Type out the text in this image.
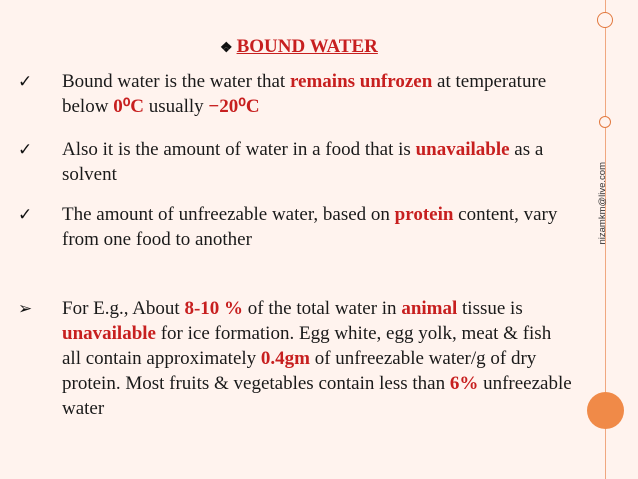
nizamkm@live.com
❖ BOUND WATER
✓	Bound water is the water that remains unfrozen at temperature below 0⁰C usually −20⁰C
✓	Also it is the amount of water in a food that is unavailable as a solvent
✓	The amount of unfreezable water, based on protein content, vary from one food to another
➢	For E.g., About 8-10 % of the total water in animal tissue is unavailable for ice formation. Egg white, egg yolk, meat & fish all contain approximately 0.4gm of unfreezable water/g of dry protein. Most fruits & vegetables contain less than 6% unfreezable water
